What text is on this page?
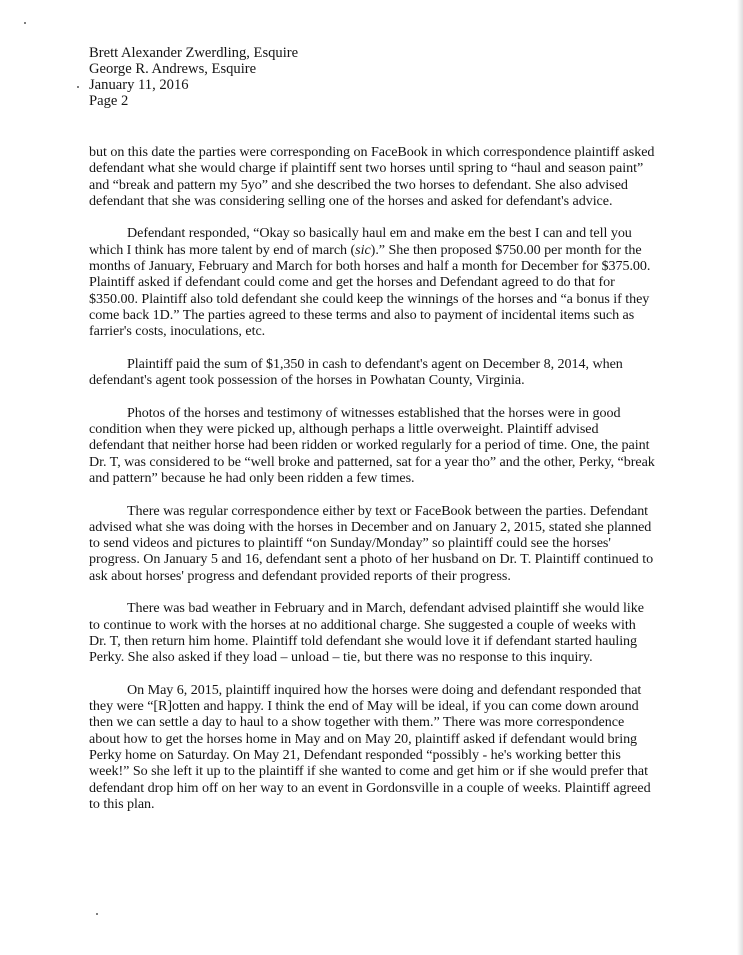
Brett Alexander Zwerdling, Esquire
George R. Andrews, Esquire
January 11, 2016
Page 2

but on this date the parties were corresponding on FaceBook in which correspondence plaintiff asked defendant what she would charge if plaintiff sent two horses until spring to “haul and season paint” and “break and pattern my 5yo” and she described the two horses to defendant. She also advised defendant that she was considering selling one of the horses and asked for defendant's advice.

Defendant responded, “Okay so basically haul em and make em the best I can and tell you which I think has more talent by end of march (sic).” She then proposed $750.00 per month for the months of January, February and March for both horses and half a month for December for $375.00. Plaintiff asked if defendant could come and get the horses and Defendant agreed to do that for $350.00. Plaintiff also told defendant she could keep the winnings of the horses and “a bonus if they come back 1D.” The parties agreed to these terms and also to payment of incidental items such as farrier's costs, inoculations, etc.

Plaintiff paid the sum of $1,350 in cash to defendant's agent on December 8, 2014, when defendant's agent took possession of the horses in Powhatan County, Virginia.

Photos of the horses and testimony of witnesses established that the horses were in good condition when they were picked up, although perhaps a little overweight. Plaintiff advised defendant that neither horse had been ridden or worked regularly for a period of time. One, the paint Dr. T, was considered to be “well broke and patterned, sat for a year tho” and the other, Perky, “break and pattern” because he had only been ridden a few times.

There was regular correspondence either by text or FaceBook between the parties. Defendant advised what she was doing with the horses in December and on January 2, 2015, stated she planned to send videos and pictures to plaintiff “on Sunday/Monday” so plaintiff could see the horses' progress. On January 5 and 16, defendant sent a photo of her husband on Dr. T. Plaintiff continued to ask about horses' progress and defendant provided reports of their progress.

There was bad weather in February and in March, defendant advised plaintiff she would like to continue to work with the horses at no additional charge. She suggested a couple of weeks with Dr. T, then return him home. Plaintiff told defendant she would love it if defendant started hauling Perky. She also asked if they load – unload – tie, but there was no response to this inquiry.

On May 6, 2015, plaintiff inquired how the horses were doing and defendant responded that they were “[R]otten and happy. I think the end of May will be ideal, if you can come down around then we can settle a day to haul to a show together with them.” There was more correspondence about how to get the horses home in May and on May 20, plaintiff asked if defendant would bring Perky home on Saturday. On May 21, Defendant responded “possibly - he's working better this week!” So she left it up to the plaintiff if she wanted to come and get him or if she would prefer that defendant drop him off on her way to an event in Gordonsville in a couple of weeks. Plaintiff agreed to this plan.
